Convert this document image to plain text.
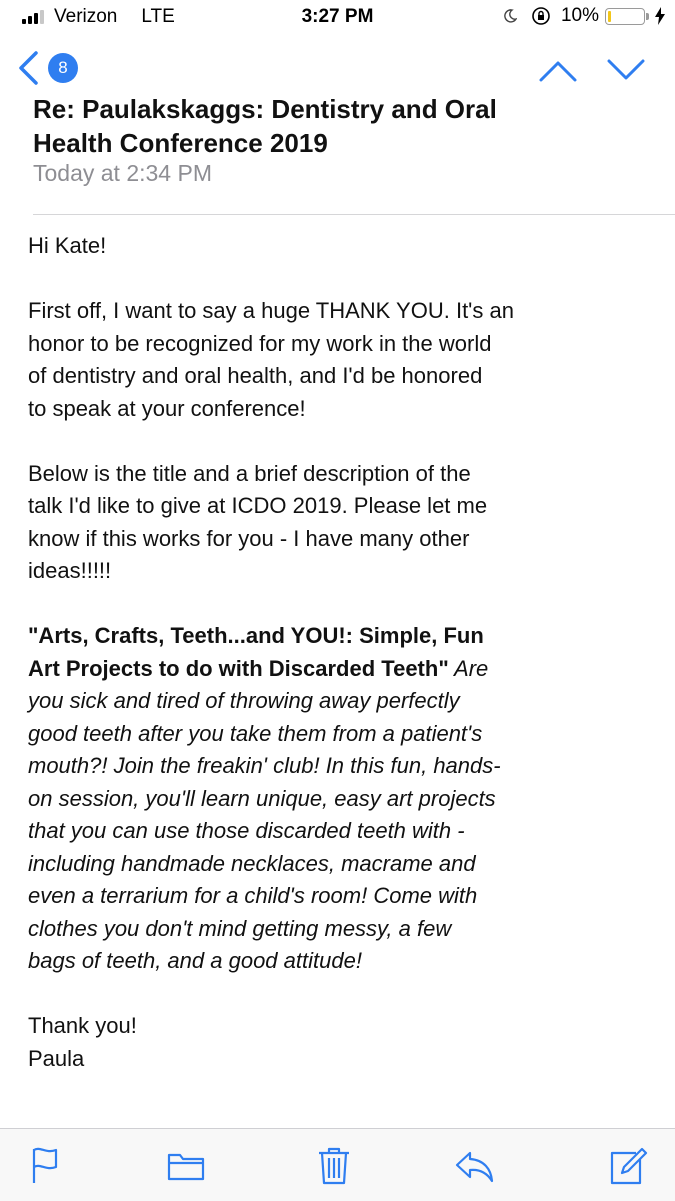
Verizon LTE	3:27 PM	10%
8
Re: Paulakskaggs: Dentistry and Oral
Health Conference 2019
Today at 2:34 PM

Hi Kate!

First off, I want to say a huge THANK YOU. It's an

honor to be recognized for my work in the world

of dentistry and oral health, and I'd be honored

to speak at your conference!

Below is the title and a brief description of the

talk I'd like to give at ICDO 2019. Please let me

know if this works for you - I have many other

ideas!!!!!

"Arts, Crafts, Teeth...and YOU!: Simple, Fun

Art Projects to do with Discarded Teeth" Are

you sick and tired of throwing away perfectly

good teeth after you take them from a patient's

mouth?! Join the freakin' club! In this fun, hands-

on session, you'll learn unique, easy art projects

that you can use those discarded teeth with -

including handmade necklaces, macrame and

even a terrarium for a child's room! Come with

clothes you don't mind getting messy, a few

bags of teeth, and a good attitude!

Thank you!

Paula
